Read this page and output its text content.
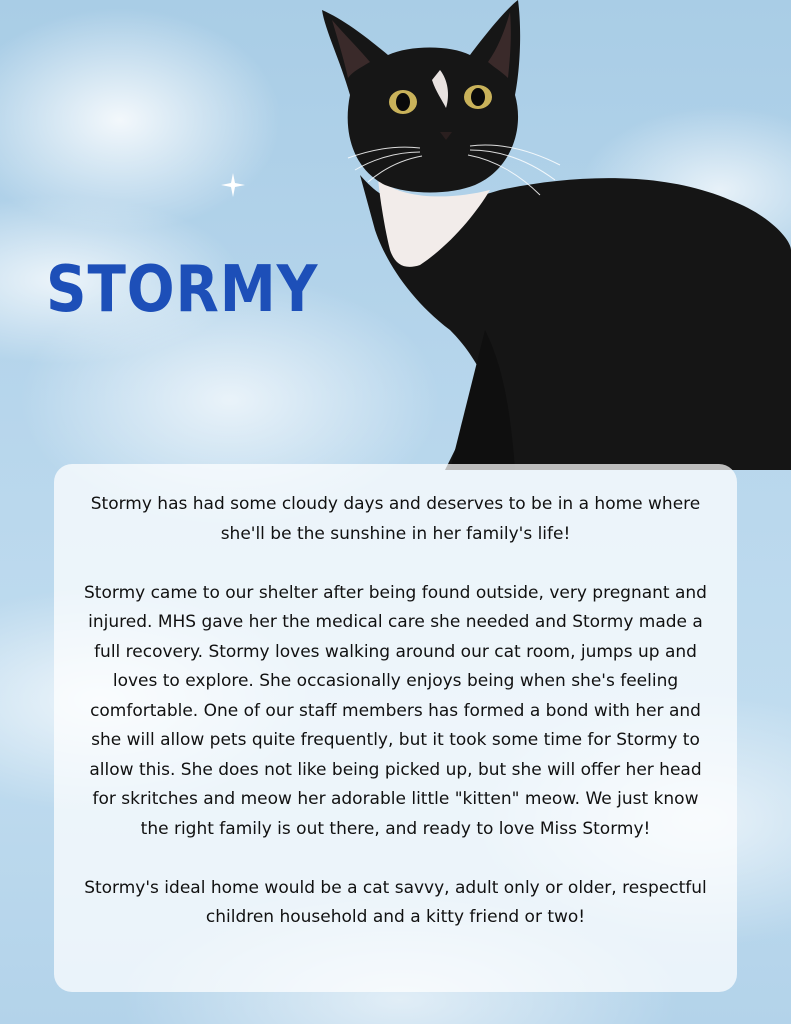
STORMY

Stormy has had some cloudy days and deserves to be in a home where she'll be the sunshine in her family's life!

Stormy came to our shelter after being found outside, very pregnant and injured. MHS gave her the medical care she needed and Stormy made a full recovery. Stormy loves walking around our cat room, jumps up and loves to explore. She occasionally enjoys being when she's feeling comfortable. One of our staff members has formed a bond with her and she will allow pets quite frequently, but it took some time for Stormy to allow this. She does not like being picked up, but she will offer her head for skritches and meow her adorable little "kitten" meow. We just know the right family is out there, and ready to love Miss Stormy!

Stormy's ideal home would be a cat savvy, adult only or older, respectful children household and a kitty friend or two!
